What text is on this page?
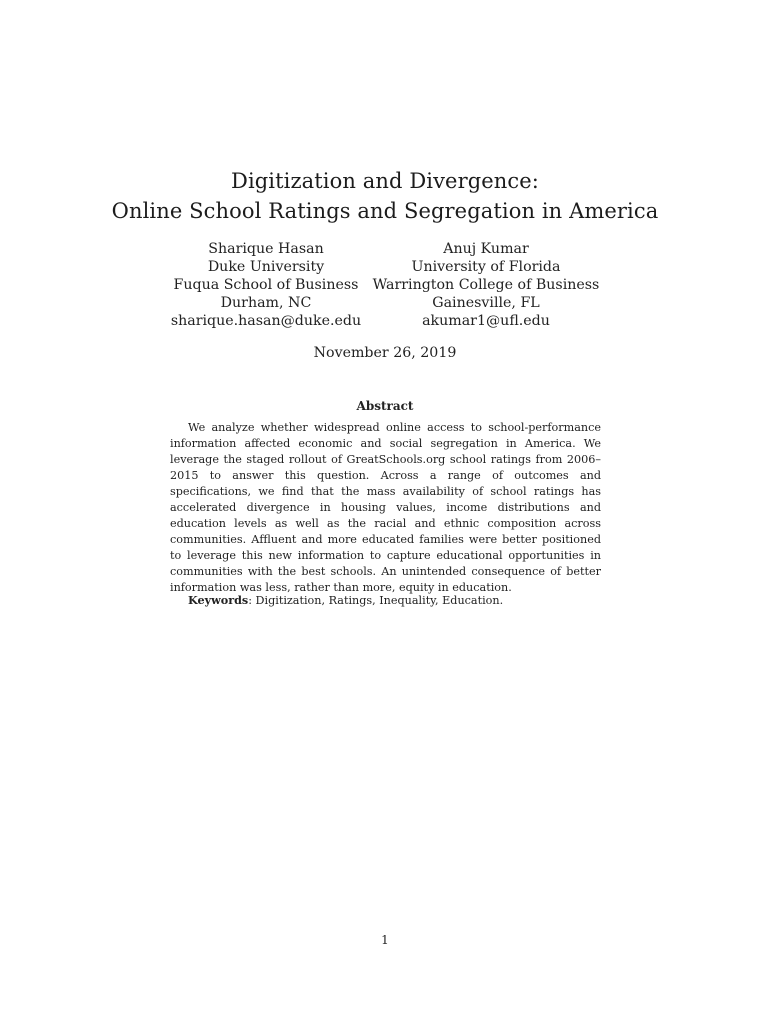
Digitization and Divergence:
Online School Ratings and Segregation in America
Sharique Hasan
Duke University
Fuqua School of Business
Durham, NC
sharique.hasan@duke.edu
Anuj Kumar
University of Florida
Warrington College of Business
Gainesville, FL
akumar1@ufl.edu
November 26, 2019
Abstract
We analyze whether widespread online access to school-performance information affected economic and social segregation in America. We leverage the staged rollout of GreatSchools.org school ratings from 2006–2015 to answer this question. Across a range of outcomes and specifications, we find that the mass availability of school ratings has accelerated divergence in housing values, income distributions and education levels as well as the racial and ethnic composition across communities. Affluent and more educated families were better positioned to leverage this new information to capture educational opportunities in communities with the best schools. An unintended consequence of better information was less, rather than more, equity in education.
Keywords: Digitization, Ratings, Inequality, Education.
1
